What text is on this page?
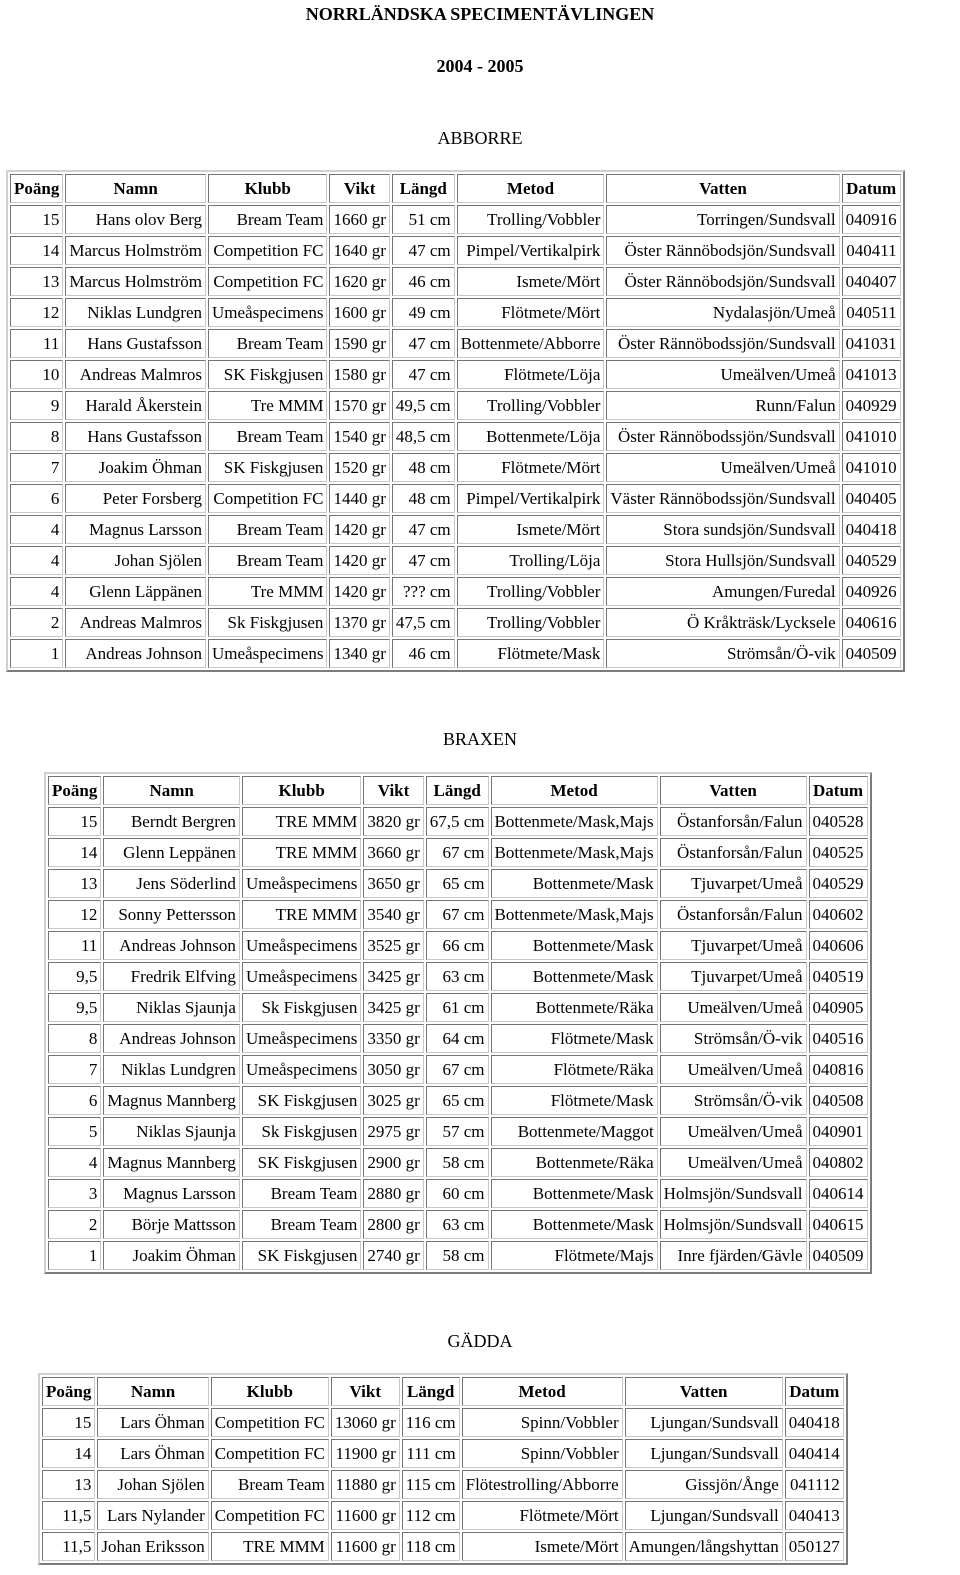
NORRLÄNDSKA SPECIMENTÄVLINGEN
2004 - 2005
ABBORRE
Poäng	Namn	Klubb	Vikt	Längd	Metod	Vatten	Datum
15	Hans olov Berg	Bream Team	1660 gr	51 cm	Trolling/Vobbler	Torringen/Sundsvall	040916
14	Marcus Holmström	Competition FC	1640 gr	47 cm	Pimpel/Vertikalpirk	Öster Rännöbodsjön/Sundsvall	040411
13	Marcus Holmström	Competition FC	1620 gr	46 cm	Ismete/Mört	Öster Rännöbodsjön/Sundsvall	040407
12	Niklas Lundgren	Umeåspecimens	1600 gr	49 cm	Flötmete/Mört	Nydalasjön/Umeå	040511
11	Hans Gustafsson	Bream Team	1590 gr	47 cm	Bottenmete/Abborre	Öster Rännöbodssjön/Sundsvall	041031
10	Andreas Malmros	SK Fiskgjusen	1580 gr	47 cm	Flötmete/Löja	Umeälven/Umeå	041013
9	Harald Åkerstein	Tre MMM	1570 gr	49,5 cm	Trolling/Vobbler	Runn/Falun	040929
8	Hans Gustafsson	Bream Team	1540 gr	48,5 cm	Bottenmete/Löja	Öster Rännöbodssjön/Sundsvall	041010
7	Joakim Öhman	SK Fiskgjusen	1520 gr	48 cm	Flötmete/Mört	Umeälven/Umeå	041010
6	Peter Forsberg	Competition FC	1440 gr	48 cm	Pimpel/Vertikalpirk	Väster Rännöbodssjön/Sundsvall	040405
4	Magnus Larsson	Bream Team	1420 gr	47 cm	Ismete/Mört	Stora sundsjön/Sundsvall	040418
4	Johan Sjölen	Bream Team	1420 gr	47 cm	Trolling/Löja	Stora Hullsjön/Sundsvall	040529
4	Glenn Läppänen	Tre MMM	1420 gr	??? cm	Trolling/Vobbler	Amungen/Furedal	040926
2	Andreas Malmros	Sk Fiskgjusen	1370 gr	47,5 cm	Trolling/Vobbler	Ö Kråkträsk/Lycksele	040616
1	Andreas Johnson	Umeåspecimens	1340 gr	46 cm	Flötmete/Mask	Strömsån/Ö-vik	040509
BRAXEN
Poäng	Namn	Klubb	Vikt	Längd	Metod	Vatten	Datum
15	Berndt Bergren	TRE MMM	3820 gr	67,5 cm	Bottenmete/Mask,Majs	Östanforsån/Falun	040528
14	Glenn Leppänen	TRE MMM	3660 gr	67 cm	Bottenmete/Mask,Majs	Östanforsån/Falun	040525
13	Jens Söderlind	Umeåspecimens	3650 gr	65 cm	Bottenmete/Mask	Tjuvarpet/Umeå	040529
12	Sonny Pettersson	TRE MMM	3540 gr	67 cm	Bottenmete/Mask,Majs	Östanforsån/Falun	040602
11	Andreas Johnson	Umeåspecimens	3525 gr	66 cm	Bottenmete/Mask	Tjuvarpet/Umeå	040606
9,5	Fredrik Elfving	Umeåspecimens	3425 gr	63 cm	Bottenmete/Mask	Tjuvarpet/Umeå	040519
9,5	Niklas Sjaunja	Sk Fiskgjusen	3425 gr	61 cm	Bottenmete/Räka	Umeälven/Umeå	040905
8	Andreas Johnson	Umeåspecimens	3350 gr	64 cm	Flötmete/Mask	Strömsån/Ö-vik	040516
7	Niklas Lundgren	Umeåspecimens	3050 gr	67 cm	Flötmete/Räka	Umeälven/Umeå	040816
6	Magnus Mannberg	SK Fiskgjusen	3025 gr	65 cm	Flötmete/Mask	Strömsån/Ö-vik	040508
5	Niklas Sjaunja	Sk Fiskgjusen	2975 gr	57 cm	Bottenmete/Maggot	Umeälven/Umeå	040901
4	Magnus Mannberg	SK Fiskgjusen	2900 gr	58 cm	Bottenmete/Räka	Umeälven/Umeå	040802
3	Magnus Larsson	Bream Team	2880 gr	60 cm	Bottenmete/Mask	Holmsjön/Sundsvall	040614
2	Börje Mattsson	Bream Team	2800 gr	63 cm	Bottenmete/Mask	Holmsjön/Sundsvall	040615
1	Joakim Öhman	SK Fiskgjusen	2740 gr	58 cm	Flötmete/Majs	Inre fjärden/Gävle	040509
GÄDDA
Poäng	Namn	Klubb	Vikt	Längd	Metod	Vatten	Datum
15	Lars Öhman	Competition FC	13060 gr	116 cm	Spinn/Vobbler	Ljungan/Sundsvall	040418
14	Lars Öhman	Competition FC	11900 gr	111 cm	Spinn/Vobbler	Ljungan/Sundsvall	040414
13	Johan Sjölen	Bream Team	11880 gr	115 cm	Flötestrolling/Abborre	Gissjön/Ånge	041112
11,5	Lars Nylander	Competition FC	11600 gr	112 cm	Flötmete/Mört	Ljungan/Sundsvall	040413
11,5	Johan Eriksson	TRE MMM	11600 gr	118 cm	Ismete/Mört	Amungen/långshyttan	050127
